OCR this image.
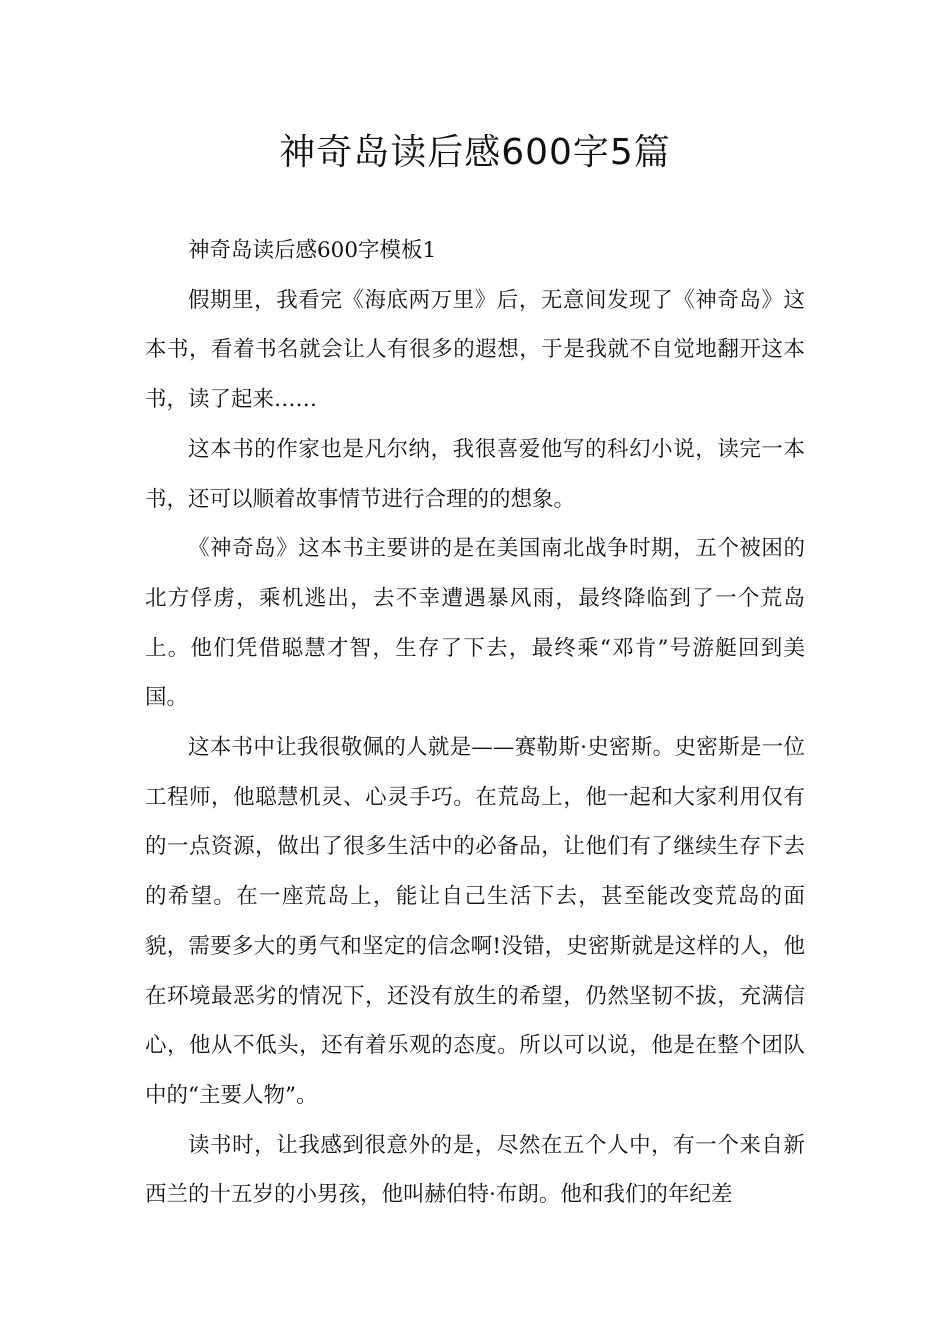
神奇岛读后感600字5篇

神奇岛读后感600字模板1

假期里，我看完《海底两万里》后，无意间发现了《神奇岛》这本书，看着书名就会让人有很多的遐想，于是我就不自觉地翻开这本书，读了起来……

这本书的作家也是凡尔纳，我很喜爱他写的科幻小说，读完一本书，还可以顺着故事情节进行合理的的想象。

《神奇岛》这本书主要讲的是在美国南北战争时期，五个被困的北方俘虏，乘机逃出，去不幸遭遇暴风雨，最终降临到了一个荒岛上。他们凭借聪慧才智，生存了下去，最终乘“邓肯”号游艇回到美国。

这本书中让我很敬佩的人就是——赛勒斯·史密斯。史密斯是一位工程师，他聪慧机灵、心灵手巧。在荒岛上，他一起和大家利用仅有的一点资源，做出了很多生活中的必备品，让他们有了继续生存下去的希望。在一座荒岛上，能让自己生活下去，甚至能改变荒岛的面貌，需要多大的勇气和坚定的信念啊!没错，史密斯就是这样的人，他在环境最恶劣的情况下，还没有放生的希望，仍然坚韧不拔，充满信心，他从不低头，还有着乐观的态度。所以可以说，他是在整个团队中的“主要人物”。

读书时，让我感到很意外的是，尽然在五个人中，有一个来自新西兰的十五岁的小男孩，他叫赫伯特·布朗。他和我们的年纪差
